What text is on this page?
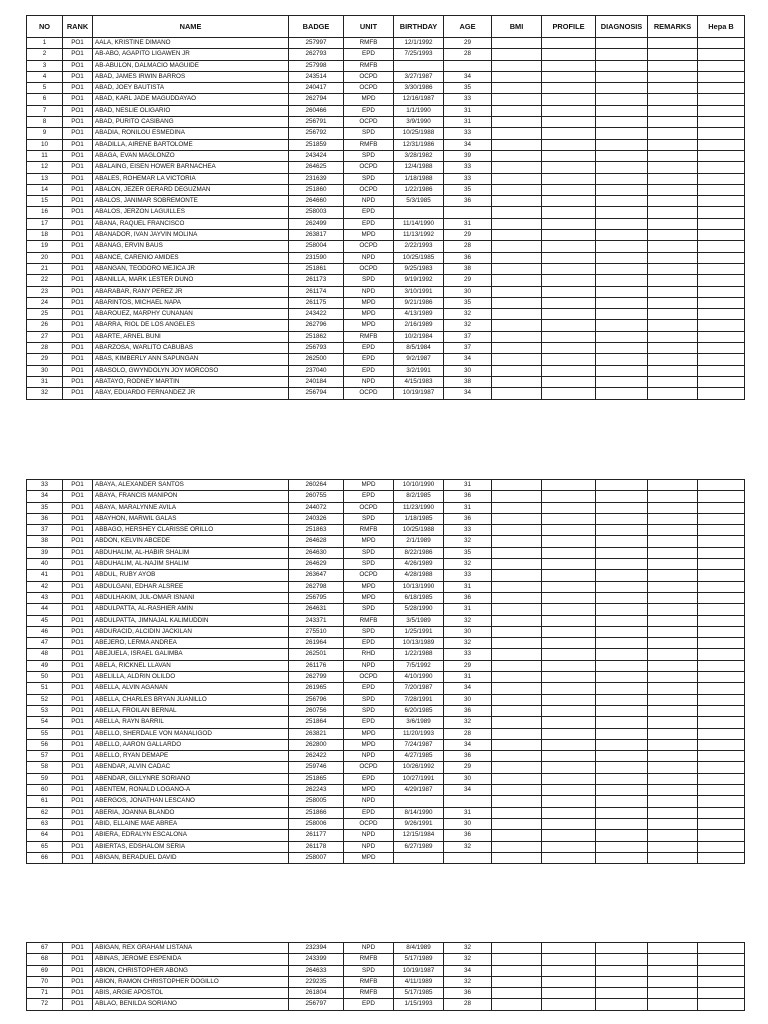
NO	RANK	NAME	BADGE	UNIT	BIRTHDAY	AGE	BMI	PROFILE	DIAGNOSIS	REMARKS	Hepa B
1	PO1	AALA, KRISTINE DIMANO	257997	RMFB	12/1/1992	29					
2	PO1	AB-ABO, AGAPITO LIGAWEN JR	262793	EPD	7/25/1993	28					
3	PO1	AB-ABULON, DALMACIO MAGUIDE	257998	RMFB							
4	PO1	ABAD, JAMES IRWIN BARROS	243514	OCPD	3/27/1987	34					
5	PO1	ABAD, JOEY BAUTISTA	240417	OCPD	3/30/1986	35					
6	PO1	ABAD, KARL JADE MAGUDDAYAO	262794	MPD	12/16/1987	33					
7	PO1	ABAD, NESLIE OLIGARIO	260466	EPD	1/1/1990	31					
8	PO1	ABAD, PURITO CASIBANG	256791	OCPD	3/9/1990	31					
9	PO1	ABADIA, RONILOU ESMEDINA	256792	SPD	10/25/1988	33					
10	PO1	ABADILLA, AIRENE BARTOLOME	251859	RMFB	12/31/1986	34					
11	PO1	ABAGA, EVAN MAGLONZO	243424	SPD	3/28/1982	39					
12	PO1	ABALAING, EISEN HOWER BARNACHEA	264625	OCPD	12/4/1988	33					
13	PO1	ABALES, ROHEMAR LA VICTORIA	231639	SPD	1/18/1988	33					
14	PO1	ABALON, JEZER GERARD DEGUZMAN	251860	OCPD	1/22/1986	35					
15	PO1	ABALOS, JANIMAR SOBREMONTE	264660	NPD	5/3/1985	36					
16	PO1	ABALOS, JERZON LAGUILLES	258003	EPD							
17	PO1	ABANA, RAQUEL FRANCISCO	262499	EPD	11/14/1990	31					
18	PO1	ABANADOR, IVAN JAYVIN MOLINA	263817	MPD	11/13/1992	29					
19	PO1	ABANAG, ERVIN BAUS	258004	OCPD	2/22/1993	28					
20	PO1	ABANCE, CARENIO AMIDES	231590	NPD	10/25/1985	36					
21	PO1	ABANGAN, TEODORO MEJICA JR	251861	OCPD	9/25/1983	38					
22	PO1	ABANILLA, MARK LESTER DUNO	261173	SPD	9/19/1992	29					
23	PO1	ABARABAR, RANY PEREZ JR	261174	NPD	3/10/1991	30					
24	PO1	ABARINTOS, MICHAEL NAPA	261175	MPD	9/21/1986	35					
25	PO1	ABAROUEZ, MARPHY CUNANAN	243422	MPD	4/13/1989	32					
26	PO1	ABARRA, RIOL DE LOS ANGELES	262796	MPD	2/16/1989	32					
27	PO1	ABARTE, ARNEL BUNI	251862	RMFB	10/2/1984	37					
28	PO1	ABARZOSA, WARLITO CABUBAS	256793	EPD	8/5/1984	37					
29	PO1	ABAS, KIMBERLY ANN SAPUNGAN	262500	EPD	9/2/1987	34					
30	PO1	ABASOLO, GWYNDOLYN JOY MORCOSO	237040	EPD	3/2/1991	30					
31	PO1	ABATAYO, RODNEY MARTIN	240184	NPD	4/15/1983	38					
32	PO1	ABAY, EDUARDO FERNANDEZ JR	256794	OCPD	10/19/1987	34					
33	PO1	ABAYA, ALEXANDER SANTOS	260264	MPD	10/10/1990	31					
34	PO1	ABAYA, FRANCIS MANIPON	260755	EPD	8/2/1985	36					
35	PO1	ABAYA, MARALYNNE AVILA	244072	OCPD	11/23/1990	31					
36	PO1	ABAYHON, MARWIL GALAS	240326	SPD	1/18/1985	36					
37	PO1	ABBAGO, HERSHEY CLARISSE ORILLO	251863	RMFB	10/25/1988	33					
38	PO1	ABDON, KELVIN ABCEDE	264628	MPD	2/1/1989	32					
39	PO1	ABDUHALIM, AL-HABIR SHALIM	264630	SPD	8/22/1986	35					
40	PO1	ABDUHALIM, AL-NAJIM SHALIM	264629	SPD	4/26/1989	32					
41	PO1	ABDUL, RUBY AYOB	263647	OCPD	4/28/1988	33					
42	PO1	ABDULGANI, EDHAR ALSREE	262798	MPD	10/13/1990	31					
43	PO1	ABDULHAKIM, JUL-OMAR ISNANI	256795	MPD	6/18/1985	36					
44	PO1	ABDULPATTA, AL-RASHIER AMIN	264631	SPD	5/28/1990	31					
45	PO1	ABDULPATTA, JIMNAJAL KALIMUDDIN	243371	RMFB	3/5/1989	32					
46	PO1	ABDURACID, ALCIDIN JACKILAN	275510	SPD	1/25/1991	30					
47	PO1	ABEJERO, LERMA ANDREA	261964	EPD	10/13/1989	32					
48	PO1	ABEJUELA, ISRAEL GALIMBA	262501	RHD	1/22/1988	33					
49	PO1	ABELA, RICKNEL LLAVAN	261176	NPD	7/5/1992	29					
50	PO1	ABELILLA, ALDRIN OLILDO	262799	OCPD	4/10/1990	31					
51	PO1	ABELLA, ALVIN AGANAN	261965	EPD	7/20/1987	34					
52	PO1	ABELLA, CHARLES BRYAN JUANILLO	256796	SPD	7/28/1991	30					
53	PO1	ABELLA, FROILAN BERNAL	260756	SPD	6/20/1985	36					
54	PO1	ABELLA, RAYN BARRIL	251864	EPD	3/6/1989	32					
55	PO1	ABELLO, SHERDALE VON MANALIGOD	263821	MPD	11/20/1993	28					
56	PO1	ABELLO, AARON GALLARDO	262800	MPD	7/24/1987	34					
57	PO1	ABELLO, RYAN DEMAPE	262422	NPD	4/27/1985	36					
58	PO1	ABENDAR, ALVIN CADAC	259746	OCPD	10/26/1992	29					
59	PO1	ABENDAR, GILLYNRE SORIANO	251865	EPD	10/27/1991	30					
60	PO1	ABENTEM, RONALD LOGANO-A	262243	MPD	4/29/1987	34					
61	PO1	ABERGOS, JONATHAN LESCANO	258005	NPD							
62	PO1	ABERIA, JOANNA BLANDO	251866	EPD	8/14/1990	31					
63	PO1	ABID, ELLAINE MAE ABREA	258006	OCPD	9/26/1991	30					
64	PO1	ABIERA, EDRALYN ESCALONA	261177	NPD	12/15/1984	36					
65	PO1	ABIERTAS, EDSHALOM SERIA	261178	NPD	6/27/1989	32					
66	PO1	ABIGAN, BERADUEL DAVID	258007	MPD							
67	PO1	ABIGAN, REX GRAHAM LISTANA	232394	NPD	8/4/1989	32					
68	PO1	ABINAS, JEROME ESPENIDA	243399	RMFB	5/17/1989	32					
69	PO1	ABION, CHRISTOPHER ABONG	264633	SPD	10/19/1987	34					
70	PO1	ABION, RAMON CHRISTOPHER DOGILLO	229235	RMFB	4/11/1989	32					
71	PO1	ABIS, ARGIE APOSTOL	261804	RMFB	5/17/1985	36					
72	PO1	ABLAO, BENILDA SORIANO	256797	EPD	1/15/1993	28					
